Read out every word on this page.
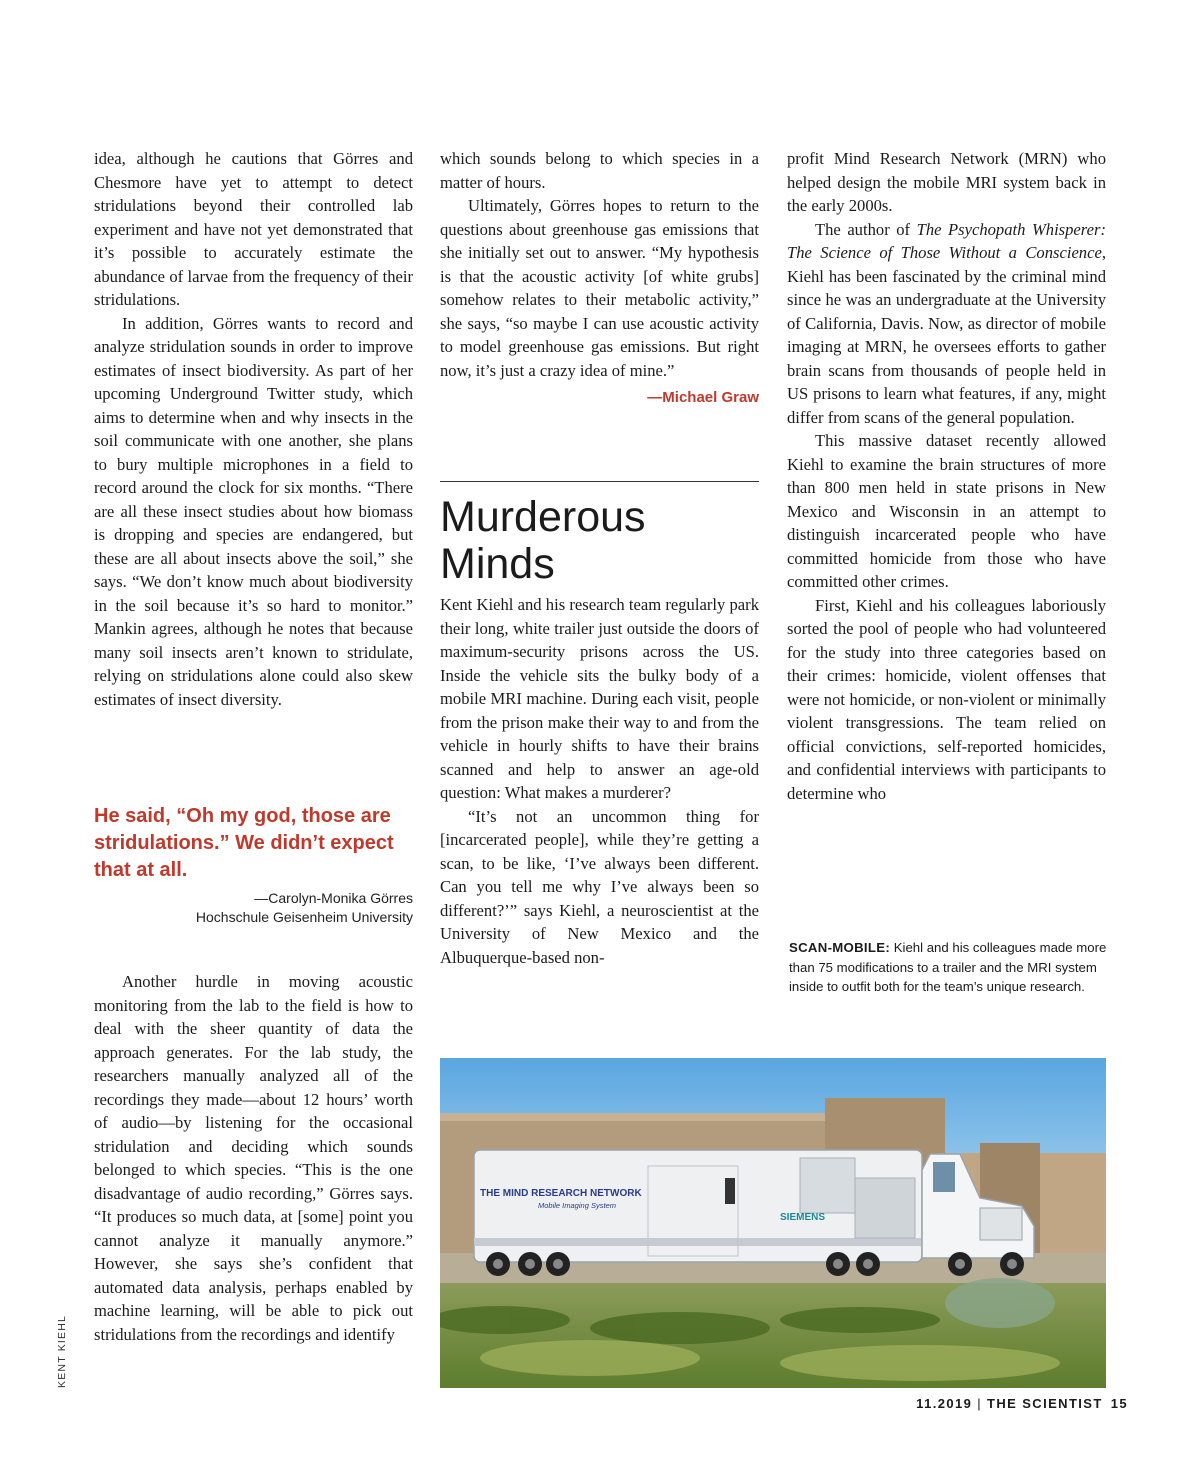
idea, although he cautions that Görres and Chesmore have yet to attempt to detect stridulations beyond their controlled lab experiment and have not yet demonstrated that it’s possible to accurately estimate the abundance of larvae from the frequency of their stridulations.

In addition, Görres wants to record and analyze stridulation sounds in order to improve estimates of insect biodiversity. As part of her upcoming Underground Twitter study, which aims to determine when and why insects in the soil communicate with one another, she plans to bury multiple microphones in a field to record around the clock for six months. “There are all these insect studies about how biomass is dropping and species are endangered, but these are all about insects above the soil,” she says. “We don’t know much about biodiversity in the soil because it’s so hard to monitor.” Mankin agrees, although he notes that because many soil insects aren’t known to stridulate, relying on stridulations alone could also skew estimates of insect diversity.

He said, “Oh my god, those are stridulations.” We didn’t expect that at all.

—Carolyn-Monika Görres
Hochschule Geisenheim University

Another hurdle in moving acoustic monitoring from the lab to the field is how to deal with the sheer quantity of data the approach generates. For the lab study, the researchers manually analyzed all of the recordings they made—about 12 hours’ worth of audio—by listening for the occasional stridulation and deciding which sounds belonged to which species. “This is the one disadvantage of audio recording,” Görres says. “It produces so much data, at [some] point you cannot analyze it manually anymore.” However, she says she’s confident that automated data analysis, perhaps enabled by machine learning, will be able to pick out stridulations from the recordings and identify

which sounds belong to which species in a matter of hours.

Ultimately, Görres hopes to return to the questions about greenhouse gas emissions that she initially set out to answer. “My hypothesis is that the acoustic activity [of white grubs] somehow relates to their metabolic activity,” she says, “so maybe I can use acoustic activity to model greenhouse gas emissions. But right now, it’s just a crazy idea of mine.”

—Michael Graw
Murderous Minds

Kent Kiehl and his research team regularly park their long, white trailer just outside the doors of maximum-security prisons across the US. Inside the vehicle sits the bulky body of a mobile MRI machine. During each visit, people from the prison make their way to and from the vehicle in hourly shifts to have their brains scanned and help to answer an age-old question: What makes a murderer?

“It’s not an uncommon thing for [incarcerated people], while they’re getting a scan, to be like, ‘I’ve always been different. Can you tell me why I’ve always been so different?’” says Kiehl, a neuroscientist at the University of New Mexico and the Albuquerque-based non-

profit Mind Research Network (MRN) who helped design the mobile MRI system back in the early 2000s.

The author of The Psychopath Whisperer: The Science of Those Without a Conscience, Kiehl has been fascinated by the criminal mind since he was an undergraduate at the University of California, Davis. Now, as director of mobile imaging at MRN, he oversees efforts to gather brain scans from thousands of people held in US prisons to learn what features, if any, might differ from scans of the general population.

This massive dataset recently allowed Kiehl to examine the brain structures of more than 800 men held in state prisons in New Mexico and Wisconsin in an attempt to distinguish incarcerated people who have committed homicide from those who have committed other crimes.

First, Kiehl and his colleagues laboriously sorted the pool of people who had volunteered for the study into three categories based on their crimes: homicide, violent offenses that were not homicide, or non-violent or minimally violent transgressions. The team relied on official convictions, self-reported homicides, and confidential interviews with participants to determine who

SCAN-MOBILE: Kiehl and his colleagues made more than 75 modifications to a trailer and the MRI system inside to outfit both for the team’s unique research.
THE MIND RESEARCH NETWORK
Mobile Imaging System
SIEMENS
KENT KIEHL
11.2019 | THE SCIENTIST 15
